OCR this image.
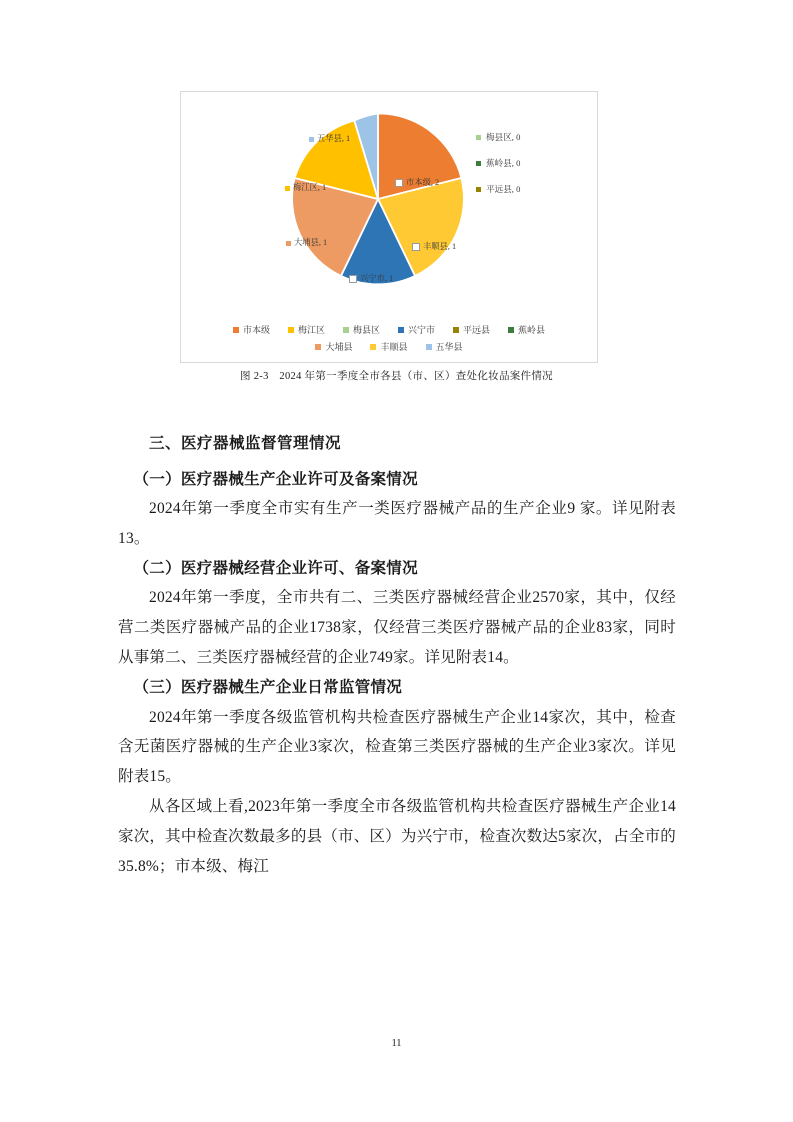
五华县, 1
梅江区, 1
大埔县, 1
兴宁市, 1
丰顺县, 1
市本级, 2
梅县区, 0
蕉岭县, 0
平远县, 0
市本级	梅江区	梅县区	兴宁市	平远县	蕉岭县
大埔县	丰顺县	五华县
图 2-3　2024 年第一季度全市各县（市、区）查处化妆品案件情况
三、医疗器械监督管理情况
（一）医疗器械生产企业许可及备案情况

2024年第一季度全市实有生产一类医疗器械产品的生产企业9 家。详见附表13。

（二）医疗器械经营企业许可、备案情况

2024年第一季度，全市共有二、三类医疗器械经营企业2570家，其中，仅经营二类医疗器械产品的企业1738家，仅经营三类医疗器械产品的企业83家，同时从事第二、三类医疗器械经营的企业749家。详见附表14。

（三）医疗器械生产企业日常监管情况

2024年第一季度各级监管机构共检查医疗器械生产企业14家次，其中，检查含无菌医疗器械的生产企业3家次，检查第三类医疗器械的生产企业3家次。详见附表15。

从各区域上看,2023年第一季度全市各级监管机构共检查医疗器械生产企业14家次，其中检查次数最多的县（市、区）为兴宁市，检查次数达5家次，占全市的35.8%；市本级、梅江

11
